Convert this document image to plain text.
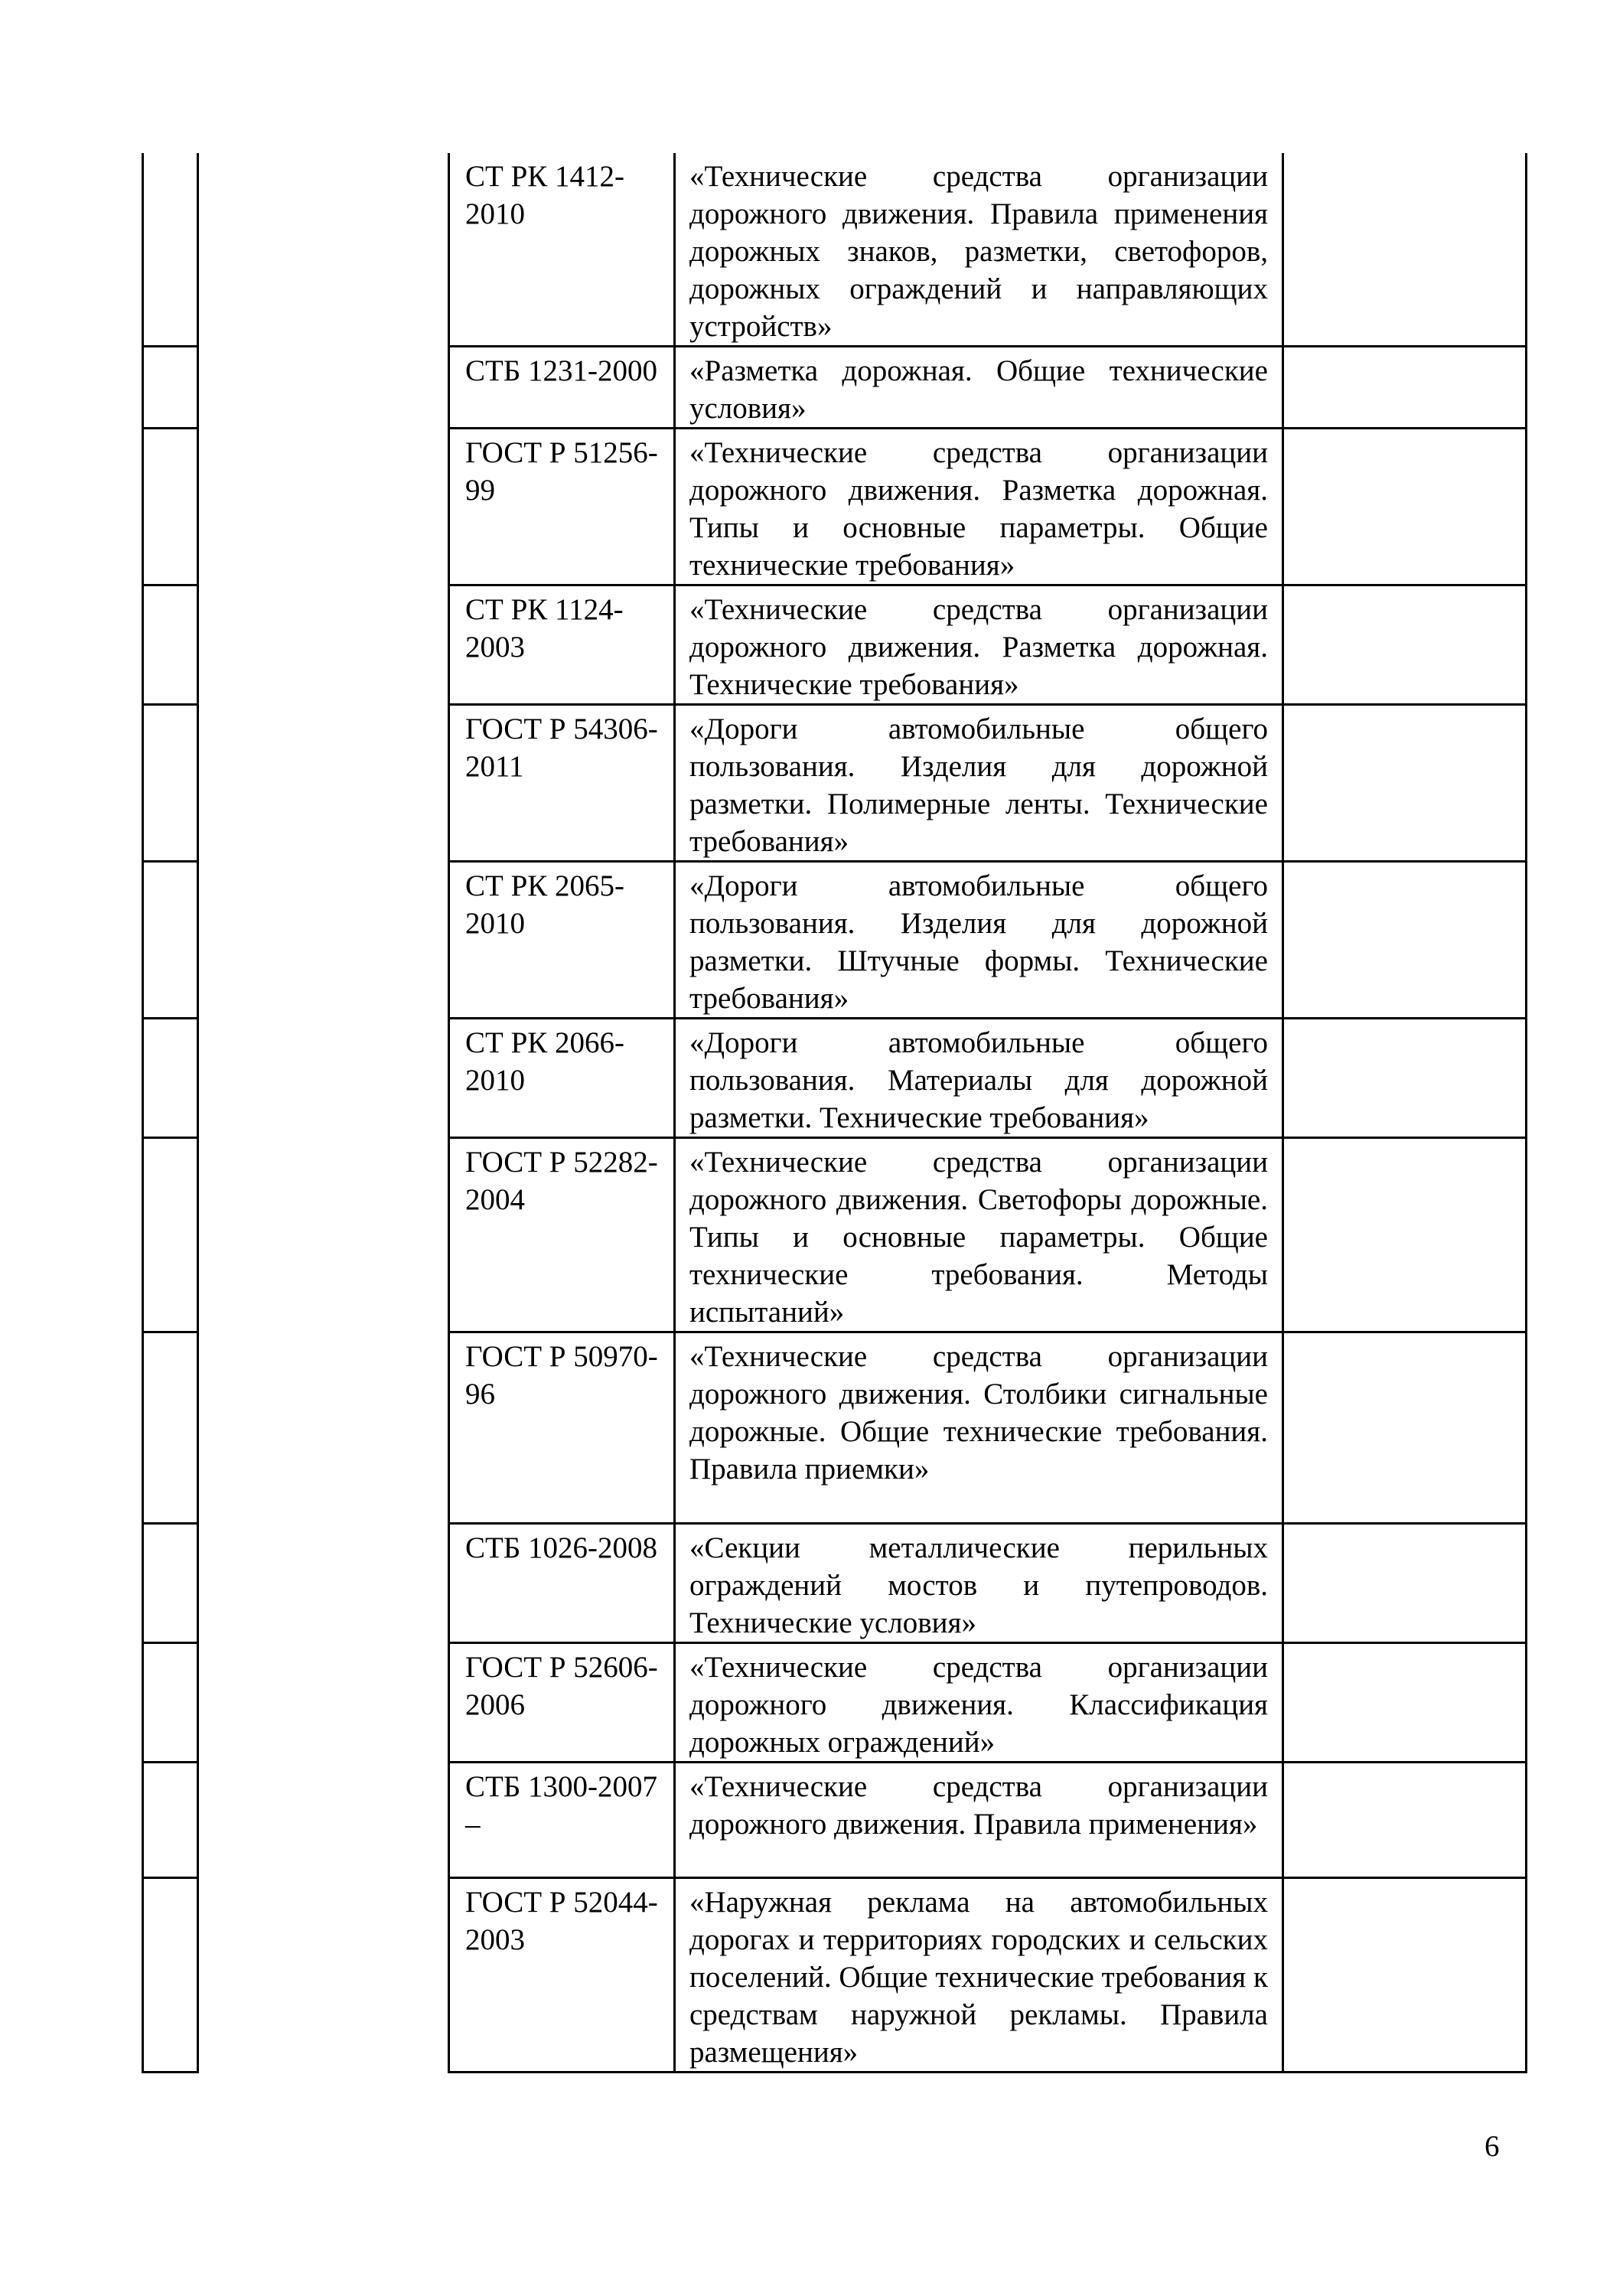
		СТ РК 1412-2010	«Технические средства организации дорожного движения. Правила применения дорожных знаков, разметки, светофоров, дорожных ограждений и направляющих устройств»	

		СТБ 1231-2000	«Разметка дорожная. Общие технические условия»	

		ГОСТ Р 51256-99	«Технические средства организации дорожного движения. Разметка дорожная. Типы и основные параметры. Общие технические требования»	

		СТ РК 1124-2003	«Технические средства организации дорожного движения. Разметка дорожная. Технические требования»	

		ГОСТ Р 54306-2011	«Дороги автомобильные общего пользования. Изделия для дорожной разметки. Полимерные ленты. Технические требования»	

		СТ РК 2065-2010	«Дороги автомобильные общего пользования. Изделия для дорожной разметки. Штучные формы. Технические требования»	

		СТ РК 2066-2010	«Дороги автомобильные общего пользования. Материалы для дорожной разметки. Технические требования»	

		ГОСТ Р 52282-2004	«Технические средства организации дорожного движения. Светофоры дорожные. Типы и основные параметры. Общие технические требования. Методы испытаний»	

		ГОСТ Р 50970-96	«Технические средства организации дорожного движения. Столбики сигнальные дорожные. Общие технические требования. Правила приемки»	

		СТБ 1026-2008	«Секции металлические перильных ограждений мостов и путепроводов. Технические условия»	

		ГОСТ Р 52606-2006	«Технические средства организации дорожного движения. Классификация дорожных ограждений»	

		СТБ 1300-2007 –	«Технические средства организации дорожного движения. Правила применения»	

		ГОСТ Р 52044-2003	«Наружная реклама на автомобильных дорогах и территориях городских и сельских поселений. Общие технические требования к средствам наружной рекламы. Правила размещения»	

6
